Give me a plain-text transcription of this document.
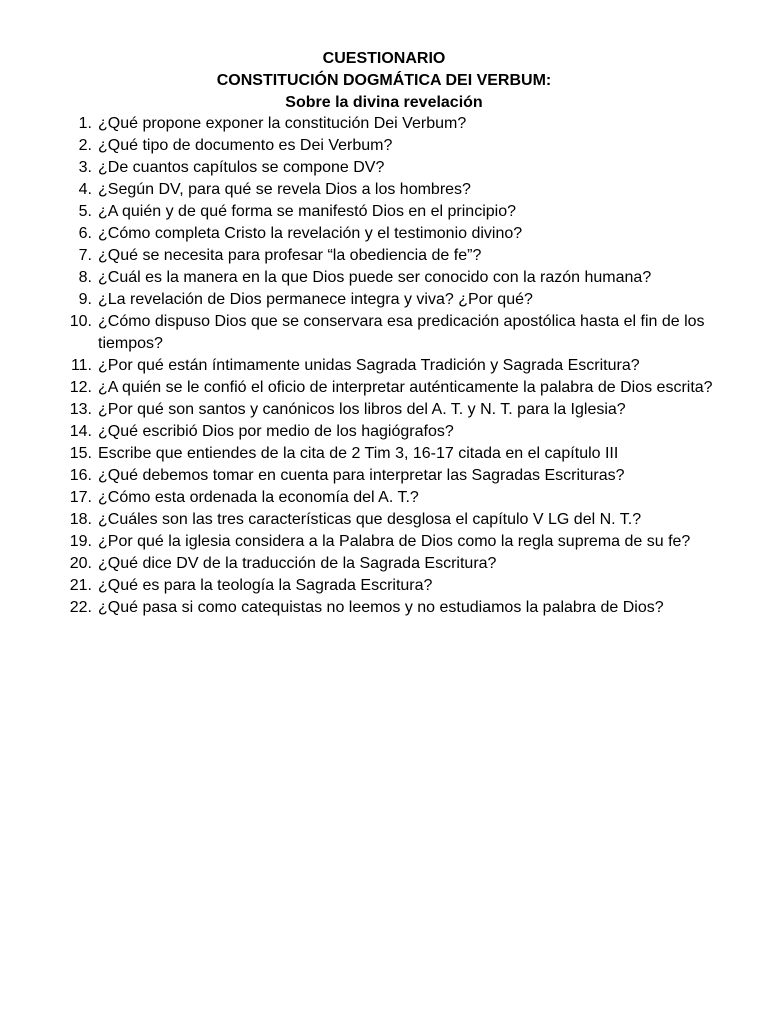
CUESTIONARIO
CONSTITUCIÓN DOGMÁTICA DEI VERBUM:
Sobre la divina revelación
1. ¿Qué propone exponer la constitución Dei Verbum?
2. ¿Qué tipo de documento es Dei Verbum?
3. ¿De cuantos capítulos se compone DV?
4. ¿Según DV, para qué se revela Dios a los hombres?
5. ¿A quién y de qué forma se manifestó Dios en el principio?
6. ¿Cómo completa Cristo la revelación y el testimonio divino?
7. ¿Qué se necesita para profesar “la obediencia de fe”?
8. ¿Cuál es la manera en la que Dios puede ser conocido con la razón humana?
9. ¿La revelación de Dios permanece integra y viva? ¿Por qué?
10. ¿Cómo dispuso Dios que se conservara esa predicación apostólica hasta el fin de los tiempos?
11. ¿Por qué están íntimamente unidas Sagrada Tradición y Sagrada Escritura?
12. ¿A quién se le confió el oficio de interpretar auténticamente la palabra de Dios escrita?
13. ¿Por qué son santos y canónicos los libros del A. T. y N. T. para la Iglesia?
14. ¿Qué escribió Dios por medio de los hagiógrafos?
15. Escribe que entiendes de la cita de 2 Tim 3, 16-17 citada en el capítulo III
16. ¿Qué debemos tomar en cuenta para interpretar las Sagradas Escrituras?
17. ¿Cómo esta ordenada la economía del A. T.?
18. ¿Cuáles son las tres características que desglosa el capítulo V LG del N. T.?
19. ¿Por qué la iglesia considera a la Palabra de Dios como la regla suprema de su fe?
20. ¿Qué dice DV de la traducción de la Sagrada Escritura?
21. ¿Qué es para la teología la Sagrada Escritura?
22. ¿Qué pasa si como catequistas no leemos y no estudiamos la palabra de Dios?
